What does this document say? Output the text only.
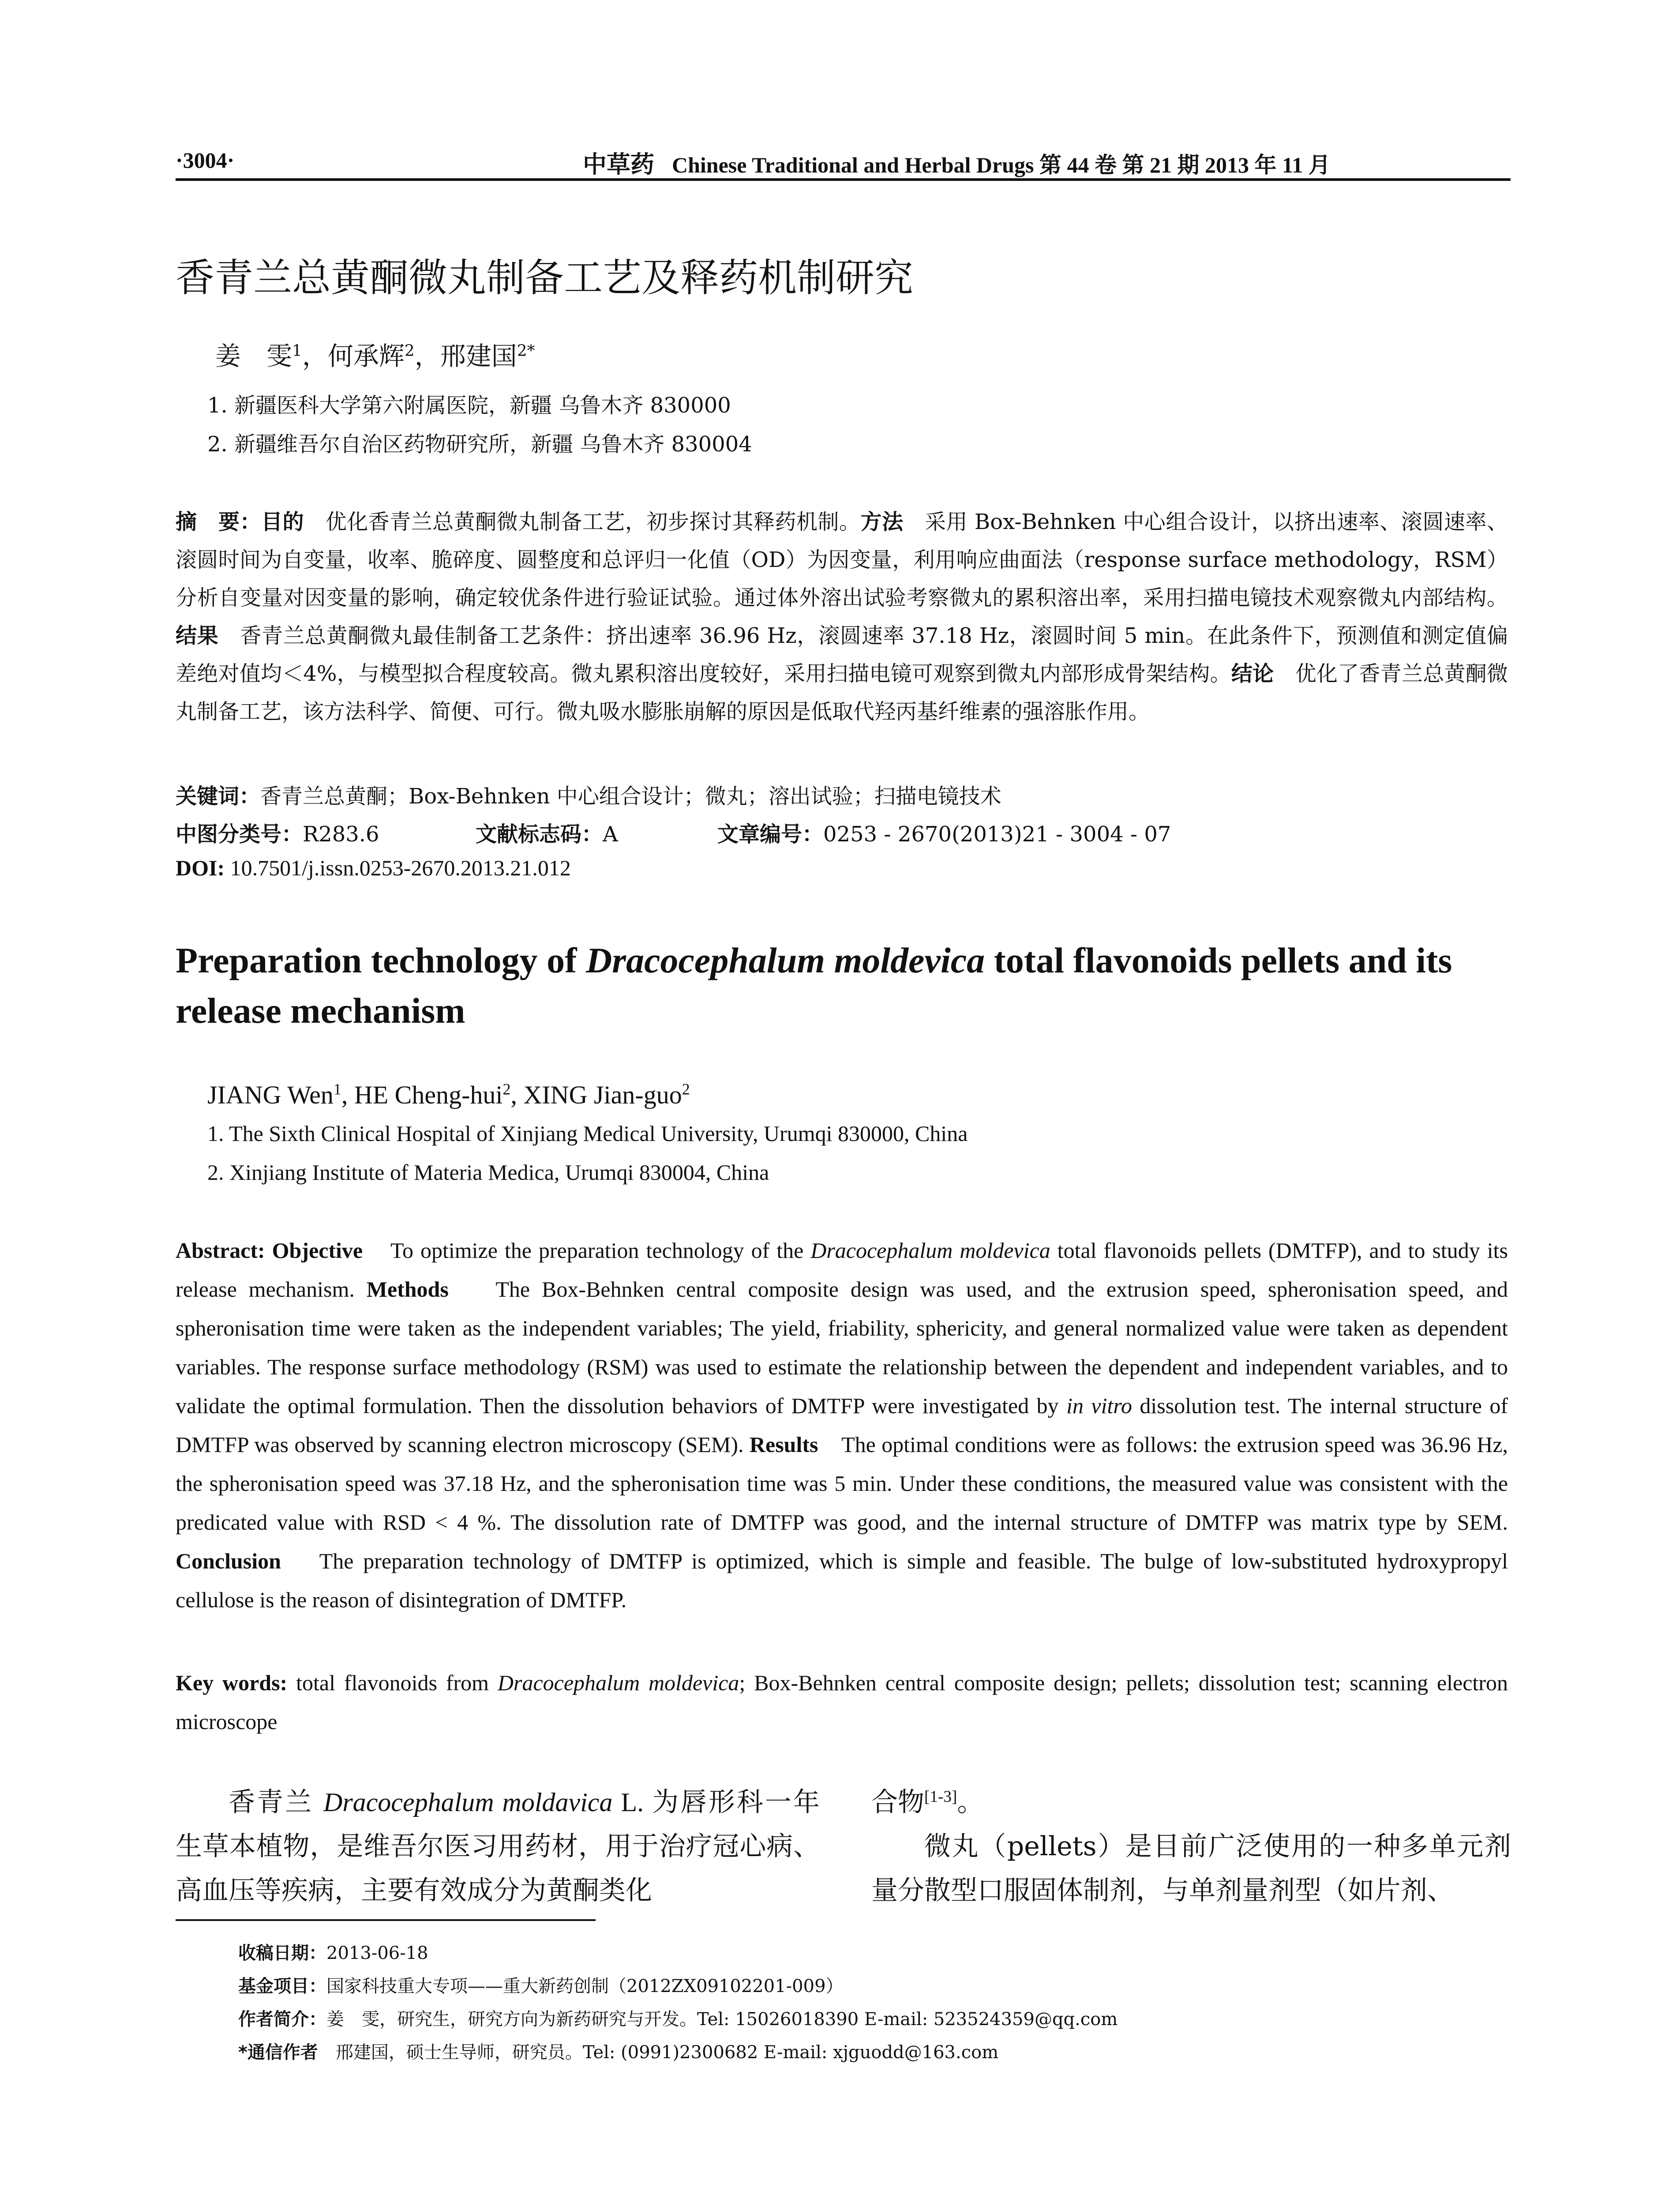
·3004·	中草药 Chinese Traditional and Herbal Drugs 第 44 卷 第 21 期 2013 年 11 月
香青兰总黄酮微丸制备工艺及释药机制研究
姜　雯$^1$，何承辉$^2$，邢建国$^{2*}$
1. 新疆医科大学第六附属医院，新疆 乌鲁木齐 830000
2. 新疆维吾尔自治区药物研究所，新疆 乌鲁木齐 830004
摘　要：目的　优化香青兰总黄酮微丸制备工艺，初步探讨其释药机制。方法　采用 Box-Behnken 中心组合设计，以挤出速率、滚圆速率、滚圆时间为自变量，收率、脆碎度、圆整度和总评归一化值（OD）为因变量，利用响应曲面法（response surface methodology，RSM）分析自变量对因变量的影响，确定较优条件进行验证试验。通过体外溶出试验考察微丸的累积溶出率，采用扫描电镜技术观察微丸内部结构。结果　香青兰总黄酮微丸最佳制备工艺条件：挤出速率 36.96 Hz，滚圆速率 37.18 Hz，滚圆时间 5 min。在此条件下，预测值和测定值偏差绝对值均＜4%，与模型拟合程度较高。微丸累积溶出度较好，采用扫描电镜可观察到微丸内部形成骨架结构。结论　优化了香青兰总黄酮微丸制备工艺，该方法科学、简便、可行。微丸吸水膨胀崩解的原因是低取代羟丙基纤维素的强溶胀作用。
关键词：香青兰总黄酮；Box-Behnken 中心组合设计；微丸；溶出试验；扫描电镜技术
中图分类号：R283.6	文献标志码：A	文章编号：0253 - 2670(2013)21 - 3004 - 07
DOI: 10.7501/j.issn.0253-2670.2013.21.012
Preparation technology of Dracocephalum moldevica total flavonoids pellets and its release mechanism
JIANG Wen$^1$, HE Cheng-hui$^2$, XING Jian-guo$^2$
1. The Sixth Clinical Hospital of Xinjiang Medical University, Urumqi 830000, China
2. Xinjiang Institute of Materia Medica, Urumqi 830004, China
Abstract: Objective    To optimize the preparation technology of the Dracocephalum moldevica total flavonoids pellets (DMTFP), and to study its release mechanism. Methods    The Box-Behnken central composite design was used, and the extrusion speed, spheronisation speed, and spheronisation time were taken as the independent variables; The yield, friability, sphericity, and general normalized value were taken as dependent variables. The response surface methodology (RSM) was used to estimate the relationship between the dependent and independent variables, and to validate the optimal formulation. Then the dissolution behaviors of DMTFP were investigated by in vitro dissolution test. The internal structure of DMTFP was observed by scanning electron microscopy (SEM). Results    The optimal conditions were as follows: the extrusion speed was 36.96 Hz, the spheronisation speed was 37.18 Hz, and the spheronisation time was 5 min. Under these conditions, the measured value was consistent with the predicated value with RSD < 4 %. The dissolution rate of DMTFP was good, and the internal structure of DMTFP was matrix type by SEM. Conclusion    The preparation technology of DMTFP is optimized, which is simple and feasible. The bulge of low-substituted hydroxypropyl cellulose is the reason of disintegration of DMTFP.
Key words: total flavonoids from Dracocephalum moldevica; Box-Behnken central composite design; pellets; dissolution test; scanning electron microscope

香青兰 Dracocephalum moldavica L. 为唇形科一年生草本植物，是维吾尔医习用药材，用于治疗冠心病、高血压等疾病，主要有效成分为黄酮类化

合物[1-3]。

微丸（pellets）是目前广泛使用的一种多单元剂量分散型口服固体制剂，与单剂量剂型（如片剂、

收稿日期：2013-06-18
基金项目：国家科技重大专项——重大新药创制（2012ZX09102201-009）
作者简介：姜　雯，研究生，研究方向为新药研究与开发。Tel: 15026018390 E-mail: 523524359@qq.com
*通信作者　邢建国，硕士生导师，研究员。Tel: (0991)2300682 E-mail: xjguodd@163.com
